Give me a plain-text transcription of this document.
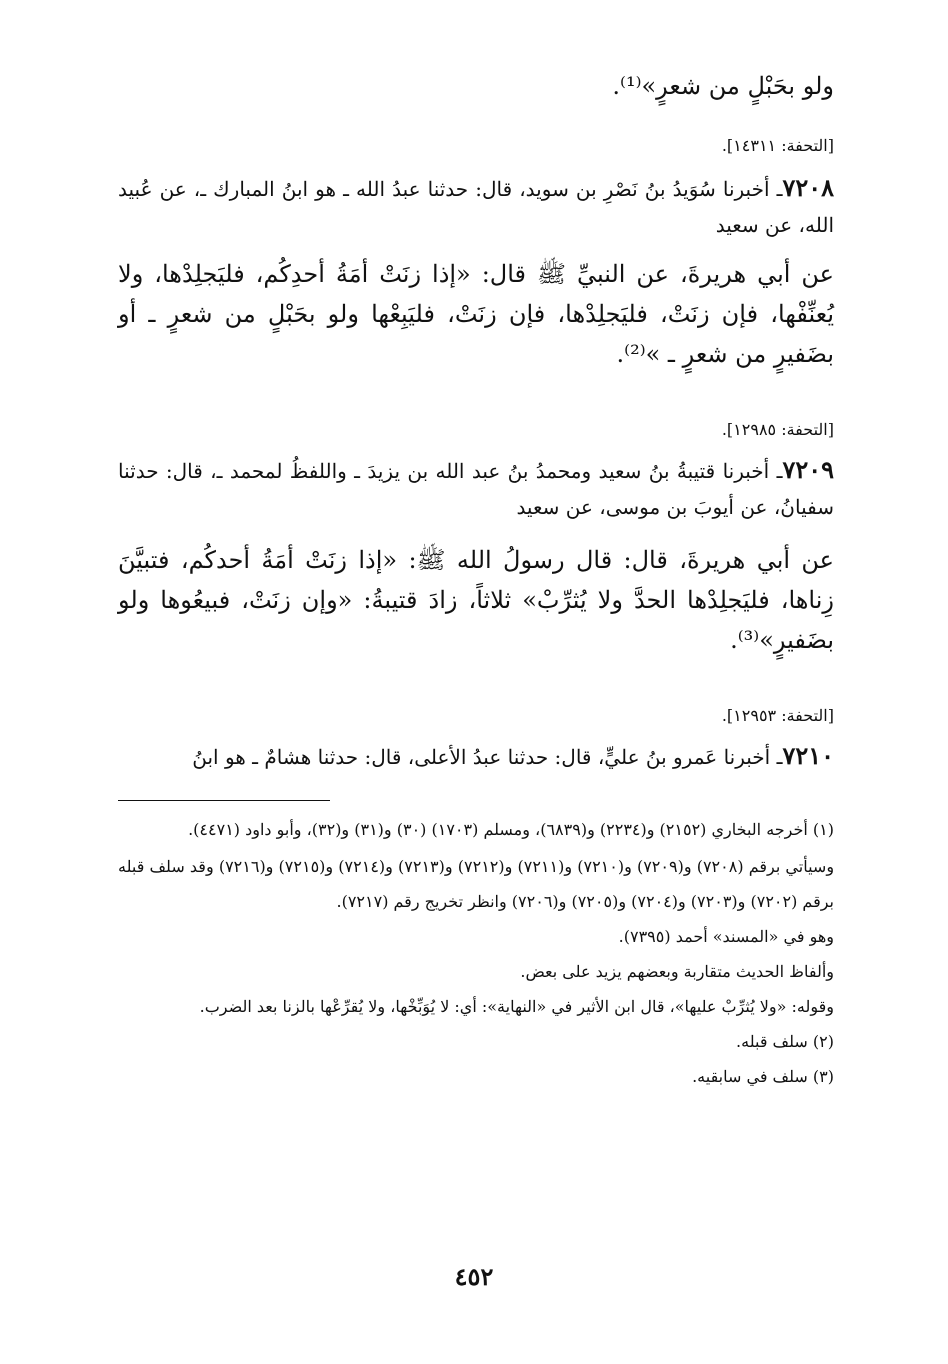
ولو بحَبْلٍ من شعرٍ»⁽¹⁾.
[التحفة: ١٤٣١١].
٧٢٠٨ـ أخبرنا سُوَيدُ بنُ نَصْرِ بن سويد، قال: حدثنا عبدُ الله ـ هو ابنُ المبارك ـ، عن عُبيد الله، عن سعيد
عن أبي هريرةَ، عن النبيِّ ﷺ قال: «إذا زنَتْ أمَةُ أحدِكُم، فليَجلِدْها، ولا يُعنِّفْها، فإن زنَتْ، فليَجلِدْها، فإن زنَتْ، فليَبِعْها ولو بحَبْلٍ من شعرٍ ـ أو بضَفيرٍ من شعرٍ ـ »⁽²⁾.
[التحفة: ١٢٩٨٥].
٧٢٠٩ـ أخبرنا قتيبةُ بنُ سعيد ومحمدُ بنُ عبد الله بن يزيدَ ـ واللفظُ لمحمد ـ، قال: حدثنا سفيانُ، عن أيوبَ بن موسى، عن سعيد
عن أبي هريرةَ، قال: قال رسولُ الله ﷺ: «إذا زنَتْ أمَةُ أحدكُم، فتبيَّنَ زِناها، فليَجلِدْها الحدَّ ولا يُثرِّبْ» ثلاثاً، زادَ قتيبةُ: «وإن زنَتْ، فبيعُوها ولو بضَفيرٍ»⁽³⁾.
[التحفة: ١٢٩٥٣].
٧٢١٠ـ أخبرنا عَمرو بنُ عليٍّ، قال: حدثنا عبدُ الأعلى، قال: حدثنا هشامٌ ـ هو ابنُ
(١) أخرجه البخاري (٢١٥٢) و(٢٢٣٤) و(٦٨٣٩)، ومسلم (١٧٠٣) (٣٠) و(٣١) و(٣٢)، وأبو داود (٤٤٧١).
وسيأتي برقم (٧٢٠٨) و(٧٢٠٩) و(٧٢١٠) و(٧٢١١) و(٧٢١٢) و(٧٢١٣) و(٧٢١٤) و(٧٢١٥) و(٧٢١٦) وقد سلف قبله برقم (٧٢٠٢) و(٧٢٠٣) و(٧٢٠٤) و(٧٢٠٥) و(٧٢٠٦) وانظر تخريج رقم (٧٢١٧).
وهو في «المسند» أحمد (٧٣٩٥).
وألفاظ الحديث متقاربة وبعضهم يزيد على بعض.
وقوله: «ولا يُثرِّبْ عليها»، قال ابن الأثير في «النهاية»: أي: لا يُوَبِّخْها، ولا يُقرِّعْها بالزنا بعد الضرب.
(٢) سلف قبله.
(٣) سلف في سابقيه.
٤٥٢
